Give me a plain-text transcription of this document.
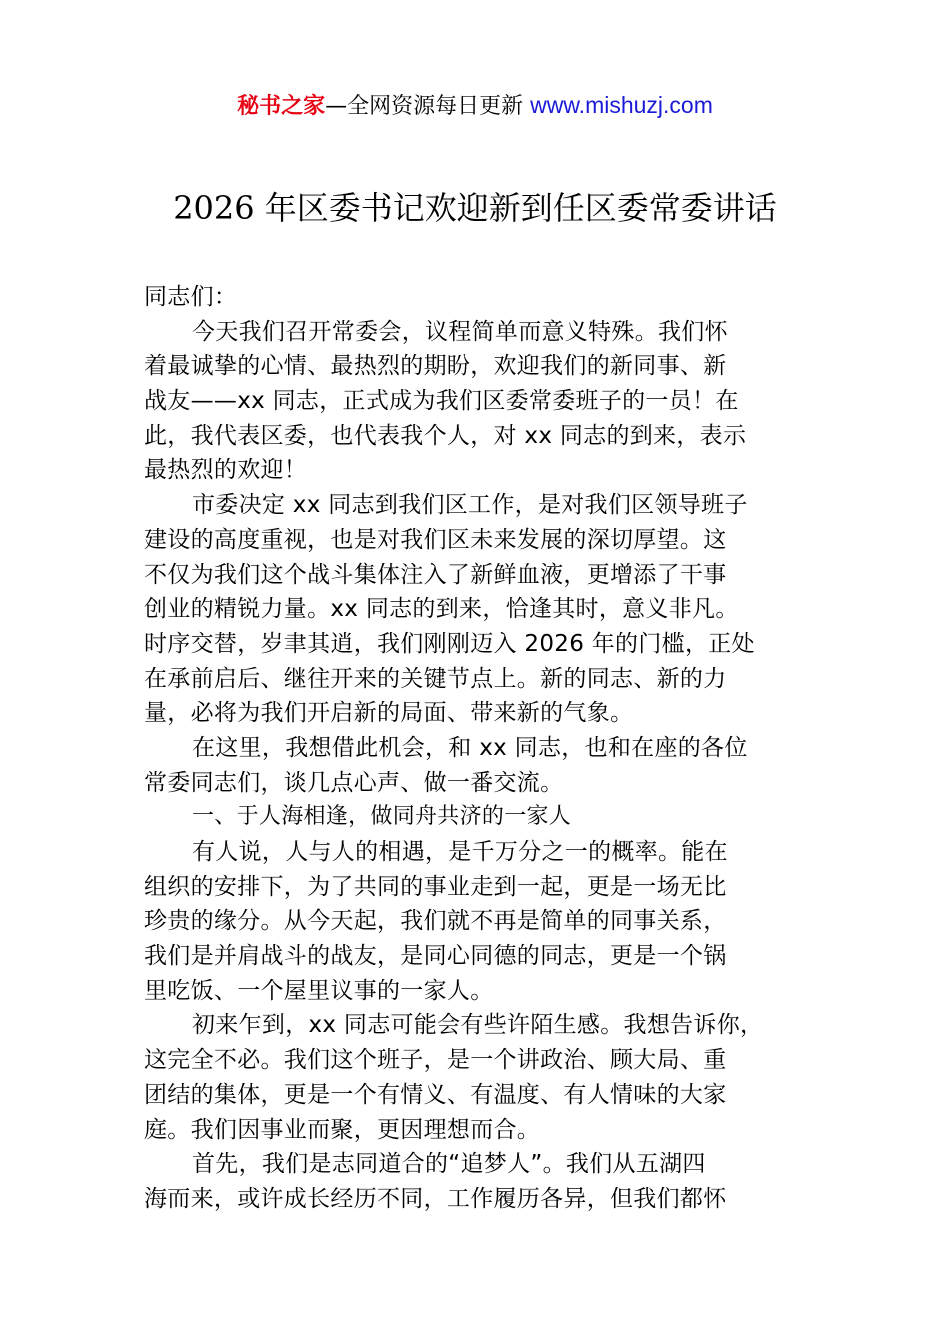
秘书之家—全网资源每日更新 www.mishuzj.com
2026 年区委书记欢迎新到任区委常委讲话
同志们：
今天我们召开常委会，议程简单而意义特殊。我们怀
着最诚挚的心情、最热烈的期盼，欢迎我们的新同事、新
战友——xx 同志，正式成为我们区委常委班子的一员！在
此，我代表区委，也代表我个人，对 xx 同志的到来，表示
最热烈的欢迎！
市委决定 xx 同志到我们区工作，是对我们区领导班子
建设的高度重视，也是对我们区未来发展的深切厚望。这
不仅为我们这个战斗集体注入了新鲜血液，更增添了干事
创业的精锐力量。xx 同志的到来，恰逢其时，意义非凡。
时序交替，岁聿其逍，我们刚刚迈入 2026 年的门槛，正处
在承前启后、继往开来的关键节点上。新的同志、新的力
量，必将为我们开启新的局面、带来新的气象。
在这里，我想借此机会，和 xx 同志，也和在座的各位
常委同志们，谈几点心声、做一番交流。
一、于人海相逢，做同舟共济的一家人
有人说，人与人的相遇，是千万分之一的概率。能在
组织的安排下，为了共同的事业走到一起，更是一场无比
珍贵的缘分。从今天起，我们就不再是简单的同事关系，
我们是并肩战斗的战友，是同心同德的同志，更是一个锅
里吃饭、一个屋里议事的一家人。
初来乍到，xx 同志可能会有些许陌生感。我想告诉你，
这完全不必。我们这个班子，是一个讲政治、顾大局、重
团结的集体，更是一个有情义、有温度、有人情味的大家
庭。我们因事业而聚，更因理想而合。
首先，我们是志同道合的“追梦人”。我们从五湖四
海而来，或许成长经历不同，工作履历各异，但我们都怀
